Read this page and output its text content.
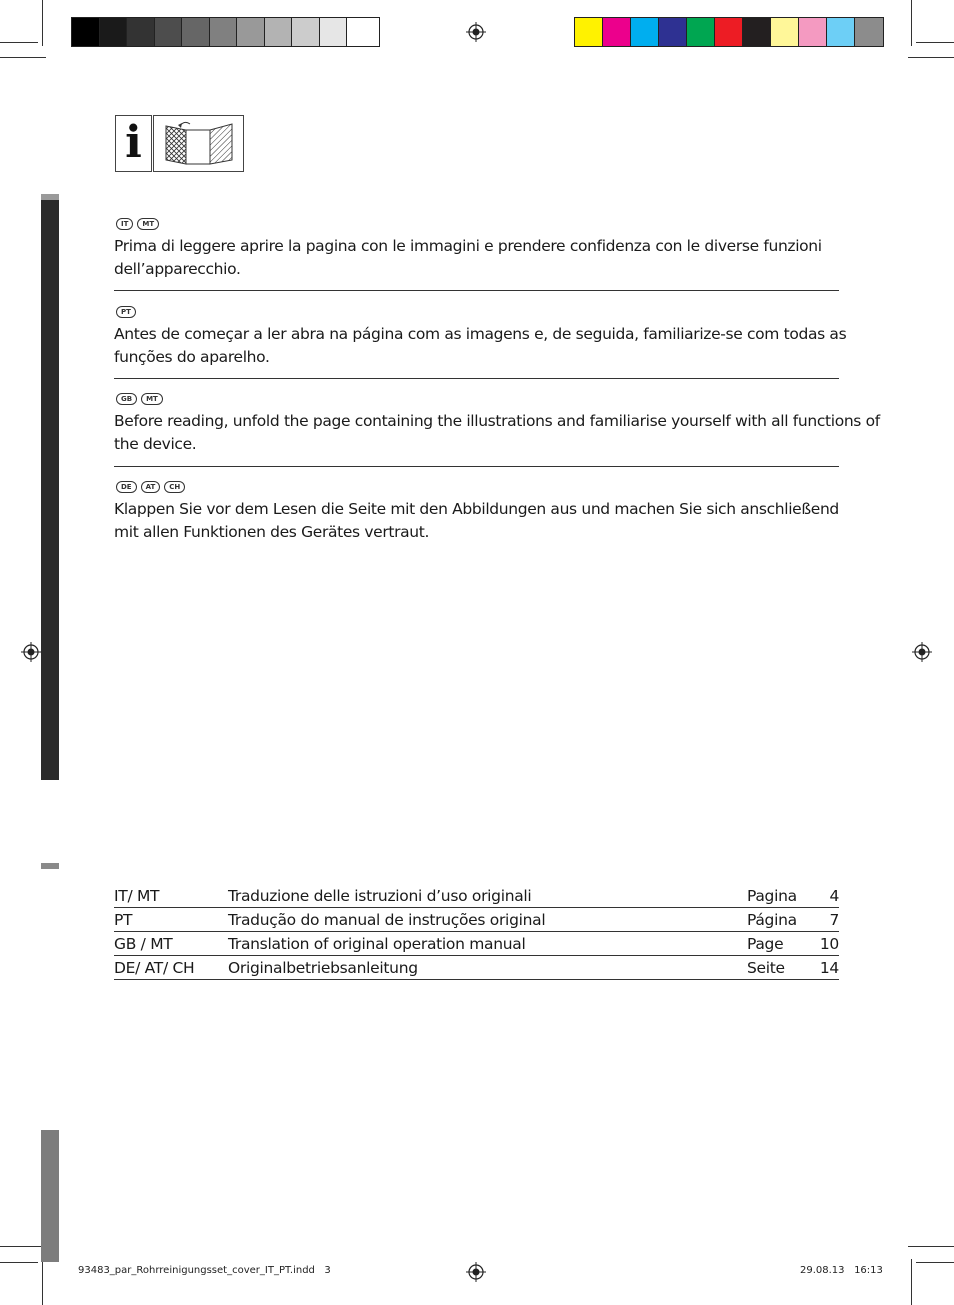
i
IT	MT
Prima di leggere aprire la pagina con le immagini e prendere confidenza con le diverse funzioni dell’apparecchio.
PT
Antes de começar a ler abra na página com as imagens e, de seguida, familiarize-se com todas as funções do aparelho.
GB	MT
Before reading, unfold the page containing the illustrations and familiarise yourself with all functions of the device.
DE	AT	CH
Klappen Sie vor dem Lesen die Seite mit den Abbildungen aus und machen Sie sich anschließend mit allen Funktionen des Gerätes vertraut.
IT/ MT	Traduzione delle istruzioni d’uso originali	Pagina	4
PT	Tradução do manual de instruções original	Página	7
GB / MT	Translation of original operation manual	Page	10
DE/ AT/ CH	Originalbetriebsanleitung	Seite	14
93483_par_Rohrreinigungsset_cover_IT_PT.indd   3	29.08.13   16:13
